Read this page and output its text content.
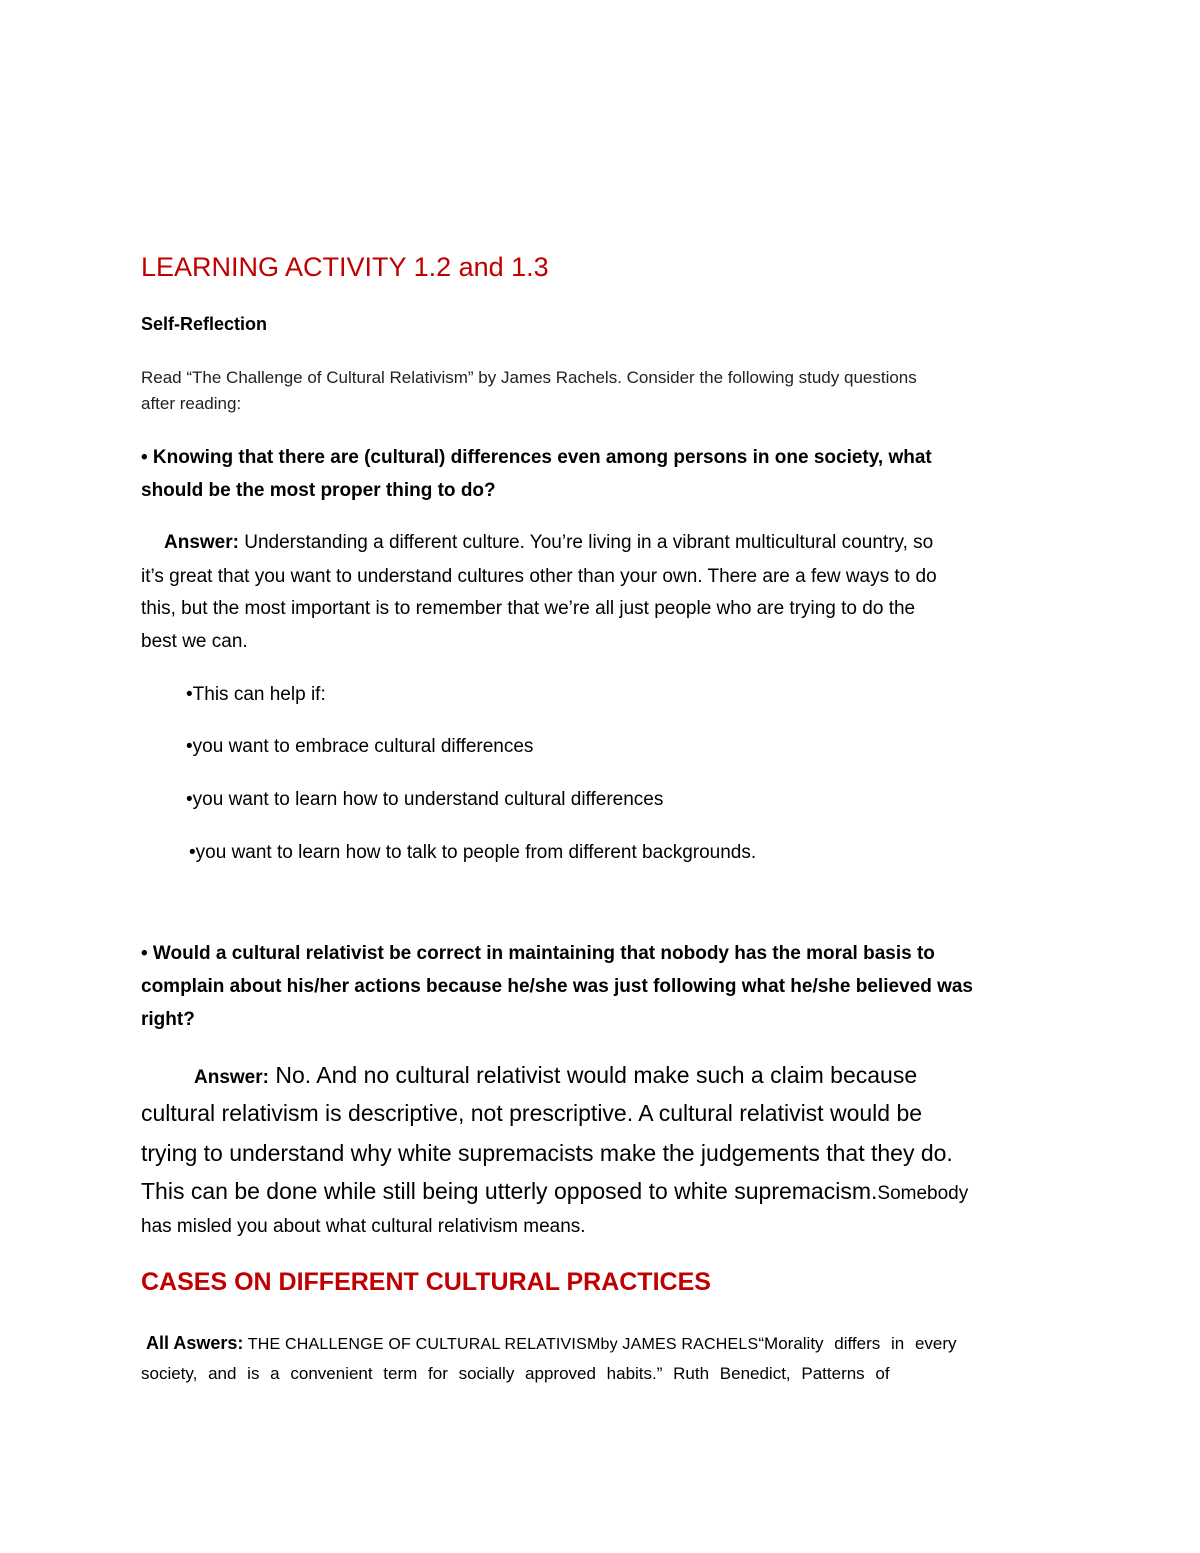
LEARNING ACTIVITY 1.2 and 1.3
Self-Reflection
Read “The Challenge of Cultural Relativism” by James Rachels. Consider the following study questions
after reading:
• Knowing that there are (cultural) differences even among persons in one society, what
should be the most proper thing to do?
Answer: Understanding a different culture. You’re living in a vibrant multicultural country, so
it’s great that you want to understand cultures other than your own. There are a few ways to do
this, but the most important is to remember that we’re all just people who are trying to do the
best we can.
•This can help if:
•you want to embrace cultural differences
•you want to learn how to understand cultural differences
•you want to learn how to talk to people from different backgrounds.
• Would a cultural relativist be correct in maintaining that nobody has the moral basis to
complain about his/her actions because he/she was just following what he/she believed was
right?
Answer: No. And no cultural relativist would make such a claim because
cultural relativism is descriptive, not prescriptive. A cultural relativist would be
trying to understand why white supremacists make the judgements that they do.
This can be done while still being utterly opposed to white supremacism.Somebody
has misled you about what cultural relativism means.
CASES ON DIFFERENT CULTURAL PRACTICES
All Aswers: THE CHALLENGE OF CULTURAL RELATIVISMby JAMES RACHELS“Morality differs in every
society, and is a convenient term for socially approved habits.” Ruth Benedict, Patterns of
